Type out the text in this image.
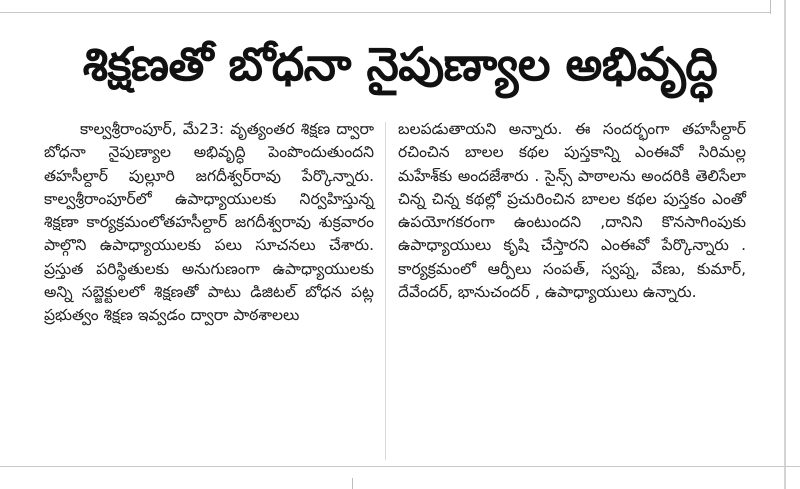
శిక్షణతో బోధనా నైపుణ్యాల అభివృద్ధి

కాల్వశ్రీరాంపూర్, మే23: వృత్యంతర శిక్షణ ద్వారా బోధనా నైపుణ్యాల అభివృద్ధి పెంపొందుతుందని తహసీల్దార్ పుల్లూరి జగదీశ్వర్‌రావు పేర్కొన్నారు. కాల్వశ్రీరాంపూర్‌లో ఉపాధ్యాయులకు నిర్వహిస్తున్న శిక్షణా కార్యక్రమంలోతహసీల్దార్ జగదీశ్వరావు శుక్రవారం పాల్గొని ఉపాధ్యాయులకు పలు సూచనలు చేశారు. ప్రస్తుత పరిస్థితులకు అనుగుణంగా ఉపాధ్యాయులకు అన్ని సబ్జెక్టులలో శిక్షణతో పాటు డిజిటల్ బోధన పట్ల ప్రభుత్వం శిక్షణ ఇవ్వడం ద్వారా పాఠశాలలు

బలపడుతాయని అన్నారు. ఈ సందర్భంగా తహసీల్దార్ రచించిన బాలల కథల పుస్తకాన్ని ఎంఈవో సిరిమల్ల మహేశ్‌కు అందజేశారు . సైన్స్ పాఠాలను అందరికి తెలిసేలా చిన్న చిన్న కథల్లో ప్రచురించిన బాలల కథల పుస్తకం ఎంతో ఉపయోగకరంగా ఉంటుందని ,దానిని కొనసాగింపుకు ఉపాధ్యాయులు కృషి చేస్తారని ఎంఈవో పేర్కొన్నారు . కార్యక్రమంలో ఆర్పీలు సంపత్, స్వప్న, వేణు, కుమార్, దేవేందర్, భానుచందర్ , ఉపాధ్యాయులు ఉన్నారు.
